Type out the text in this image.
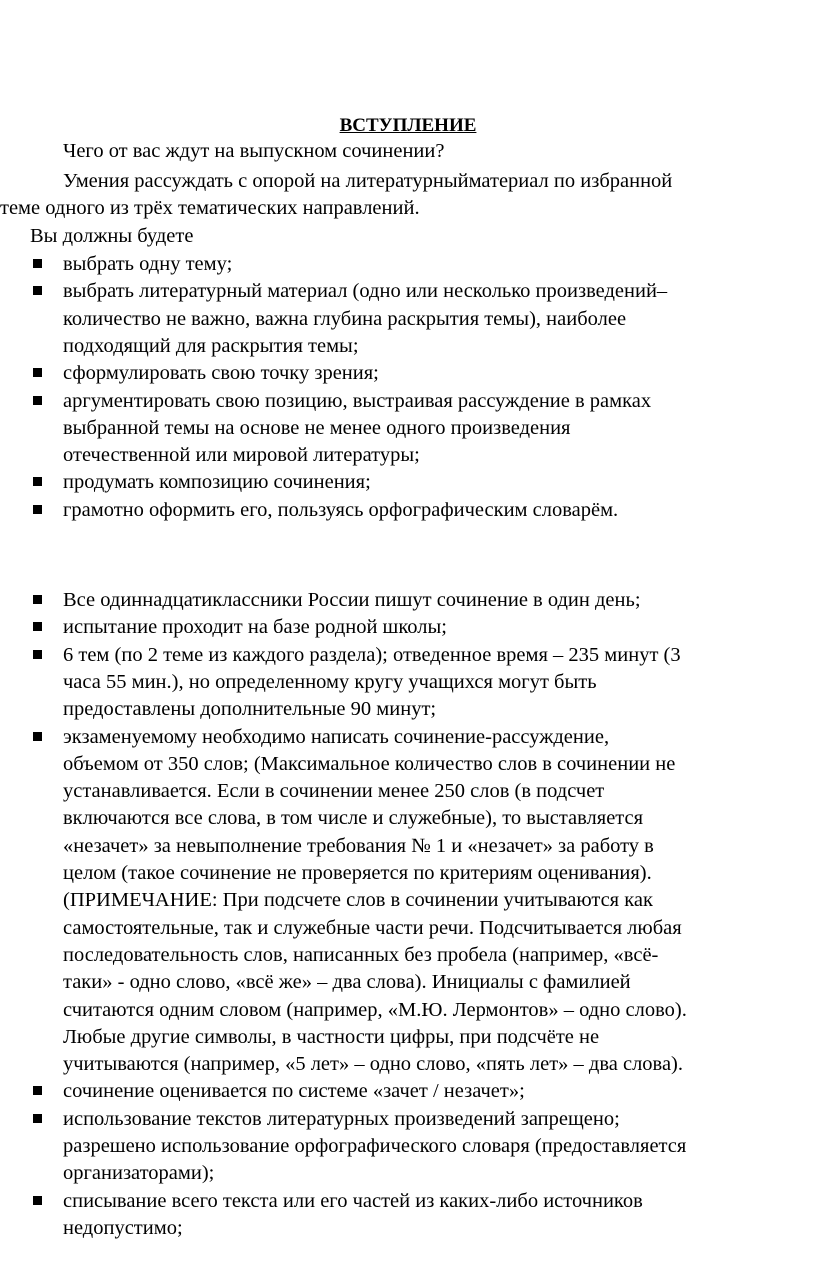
ВСТУПЛЕНИЕ
Чего от вас ждут на выпускном сочинении?
Умения рассуждать с опорой на литературныйматериал по избранной
теме одного из трёх тематических направлений.
Вы должны будете
выбрать одну тему;
выбрать литературный материал (одно или несколько произведений–
количество не важно, важна глубина раскрытия темы), наиболее
подходящий для раскрытия темы;
сформулировать свою точку зрения;
аргументировать свою позицию, выстраивая рассуждение в рамках
выбранной темы на основе не менее одного произведения
отечественной или мировой литературы;
продумать композицию сочинения;
грамотно оформить его, пользуясь орфографическим словарём.
Все одиннадцатиклассники России пишут сочинение в один день;
испытание проходит на базе родной школы;
6 тем (по 2 теме из каждого раздела); отведенное время – 235 минут (3
часа 55 мин.), но определенному кругу учащихся могут быть
предоставлены дополнительные 90 минут;
экзаменуемому необходимо написать сочинение-рассуждение,
объемом от 350 слов; (Максимальное количество слов в сочинении не
устанавливается. Если в сочинении менее 250 слов (в подсчет
включаются все слова, в том числе и служебные), то выставляется
«незачет» за невыполнение требования № 1 и «незачет» за работу в
целом (такое сочинение не проверяется по критериям оценивания).
(ПРИМЕЧАНИЕ: При подсчете слов в сочинении учитываются как
самостоятельные, так и служебные части речи. Подсчитывается любая
последовательность слов, написанных без пробела (например, «всё-
таки» - одно слово, «всё же» – два слова). Инициалы с фамилией
считаются одним словом (например, «М.Ю. Лермонтов» – одно слово).
Любые другие символы, в частности цифры, при подсчёте не
учитываются (например, «5 лет» – одно слово, «пять лет» – два слова).
сочинение оценивается по системе «зачет / незачет»;
использование текстов литературных произведений запрещено;
разрешено использование орфографического словаря (предоставляется
организаторами);
списывание всего текста или его частей из каких-либо источников
недопустимо;
